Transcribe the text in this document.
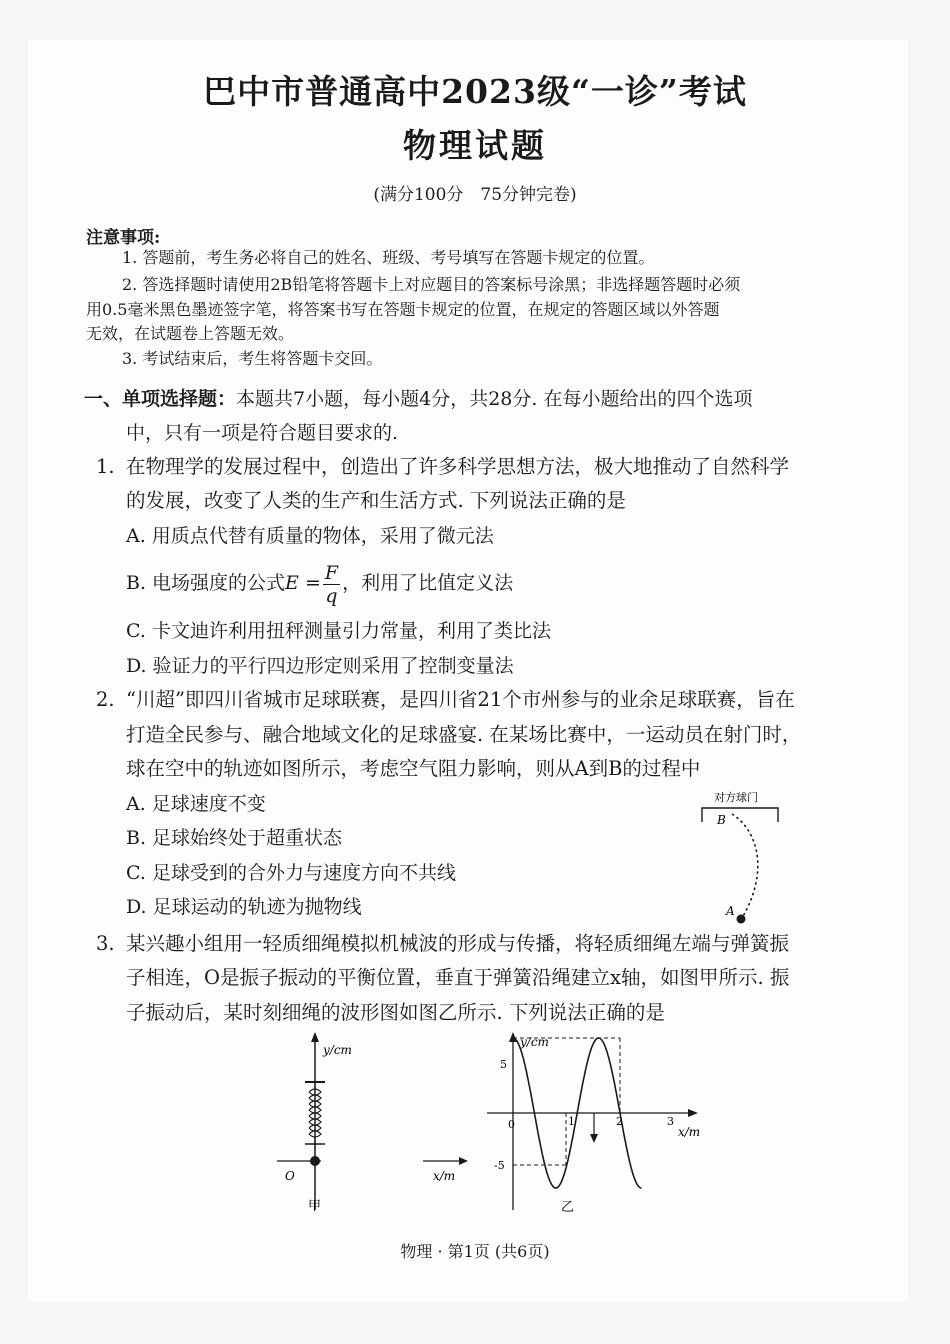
巴中市普通高中2023级“一诊”考试
物理试题
(满分100分　75分钟完卷)
注意事项:
1. 答题前，考生务必将自己的姓名、班级、考号填写在答题卡规定的位置。
2. 答选择题时请使用2B铅笔将答题卡上对应题目的答案标号涂黑；非选择题答题时必须
用0.5毫米黑色墨迹签字笔，将答案书写在答题卡规定的位置，在规定的答题区域以外答题
无效，在试题卷上答题无效。
3. 考试结束后，考生将答题卡交回。
一、单项选择题：本题共7小题，每小题4分，共28分. 在每小题给出的四个选项
中，只有一项是符合题目要求的.
1. 在物理学的发展过程中，创造出了许多科学思想方法，极大地推动了自然科学
的发展，改变了人类的生产和生活方式. 下列说法正确的是
A. 用质点代替有质量的物体，采用了微元法
B. 电场强度的公式$E = \frac{F}{q}$ ，利用了比值定义法
C. 卡文迪许利用扭秤测量引力常量，利用了类比法
D. 验证力的平行四边形定则采用了控制变量法
2. “川超”即四川省城市足球联赛，是四川省21个市州参与的业余足球联赛，旨在
打造全民参与、融合地域文化的足球盛宴. 在某场比赛中，一运动员在射门时，
球在空中的轨迹如图所示，考虑空气阻力影响，则从A到B的过程中
A. 足球速度不变
B. 足球始终处于超重状态
C. 足球受到的合外力与速度方向不共线
D. 足球运动的轨迹为抛物线
对方球门
B
A
3. 某兴趣小组用一轻质细绳模拟机械波的形成与传播，将轻质细绳左端与弹簧振
子相连，O是振子振动的平衡位置，垂直于弹簧沿绳建立x轴，如图甲所示. 振
子振动后，某时刻细绳的波形图如图乙所示. 下列说法正确的是
y/cm
O	x/m
甲
y/cm
x/m
5
-5
0	1	2	3
乙
物理 · 第1页 (共6页)
